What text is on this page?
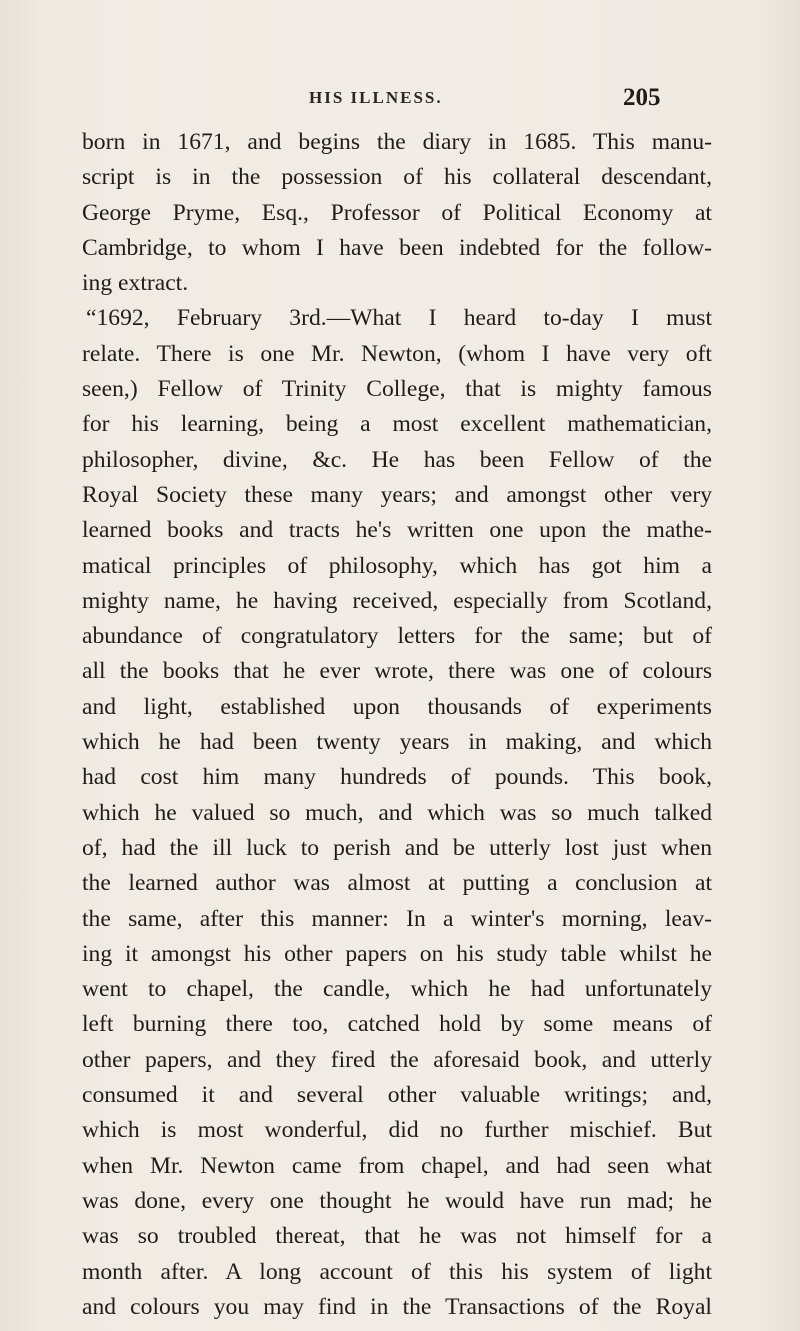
HIS ILLNESS.	205
born in 1671, and begins the diary in 1685. This manu-
script is in the possession of his collateral descendant,
George Pryme, Esq., Professor of Political Economy at
Cambridge, to whom I have been indebted for the follow-
ing extract.
“1692, February 3rd.—What I heard to-day I must
relate. There is one Mr. Newton, (whom I have very oft
seen,) Fellow of Trinity College, that is mighty famous
for his learning, being a most excellent mathematician,
philosopher, divine, &c. He has been Fellow of the
Royal Society these many years; and amongst other very
learned books and tracts he's written one upon the mathe-
matical principles of philosophy, which has got him a
mighty name, he having received, especially from Scotland,
abundance of congratulatory letters for the same; but of
all the books that he ever wrote, there was one of colours
and light, established upon thousands of experiments
which he had been twenty years in making, and which
had cost him many hundreds of pounds. This book,
which he valued so much, and which was so much talked
of, had the ill luck to perish and be utterly lost just when
the learned author was almost at putting a conclusion at
the same, after this manner: In a winter's morning, leav-
ing it amongst his other papers on his study table whilst he
went to chapel, the candle, which he had unfortunately
left burning there too, catched hold by some means of
other papers, and they fired the aforesaid book, and utterly
consumed it and several other valuable writings; and,
which is most wonderful, did no further mischief. But
when Mr. Newton came from chapel, and had seen what
was done, every one thought he would have run mad; he
was so troubled thereat, that he was not himself for a
month after. A long account of this his system of light
and colours you may find in the Transactions of the Royal
